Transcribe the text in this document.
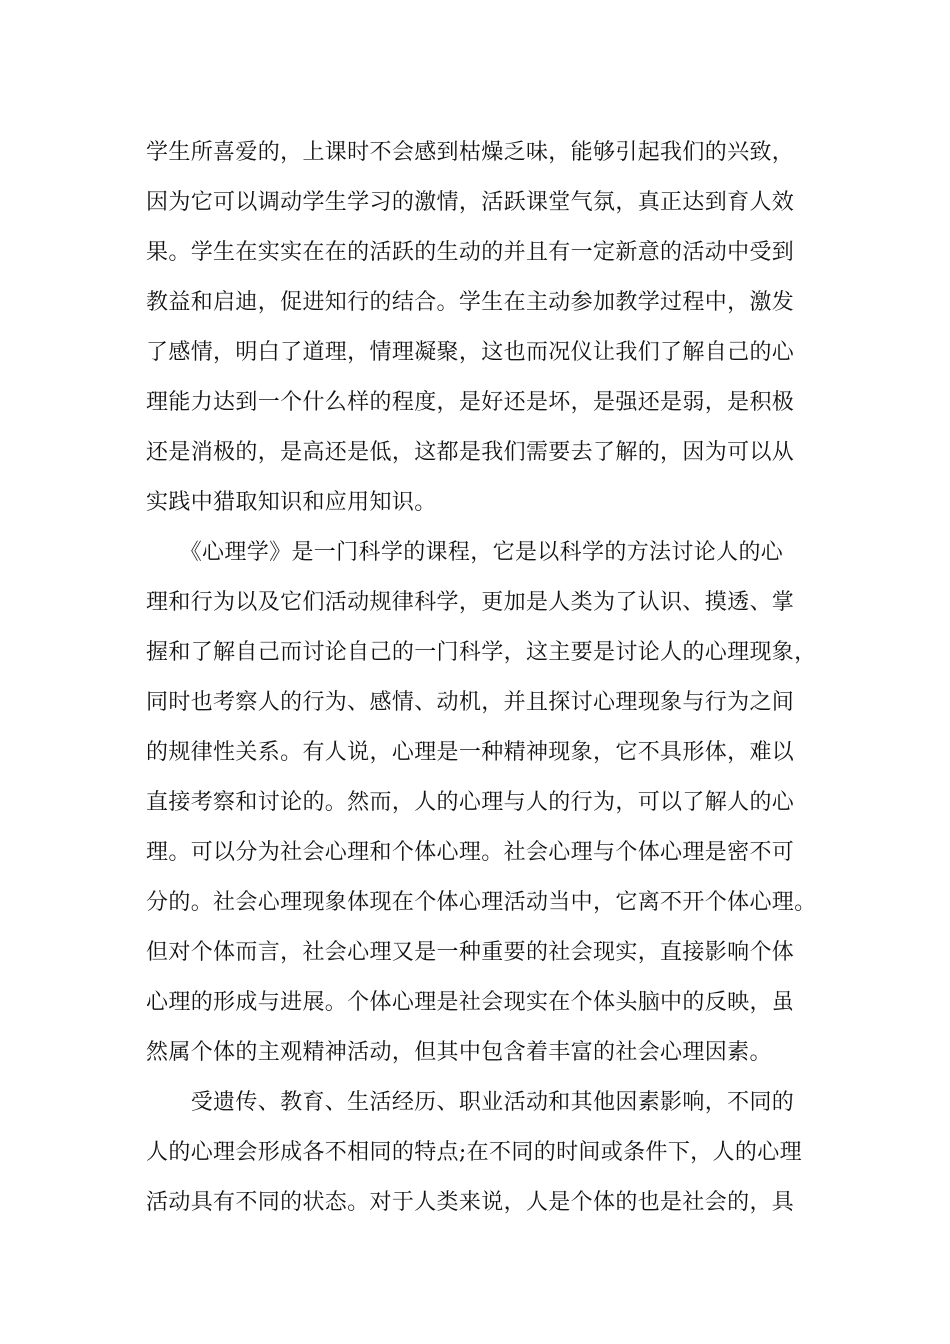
学生所喜爱的，上课时不会感到枯燥乏味，能够引起我们的兴致，
因为它可以调动学生学习的激情，活跃课堂气氛，真正达到育人效
果。学生在实实在在的活跃的生动的并且有一定新意的活动中受到
教益和启迪，促进知行的结合。学生在主动参加教学过程中，激发
了感情，明白了道理，情理凝聚，这也而况仪让我们了解自己的心
理能力达到一个什么样的程度，是好还是坏，是强还是弱，是积极
还是消极的，是高还是低，这都是我们需要去了解的，因为可以从
实践中猎取知识和应用知识。
　　《心理学》是一门科学的课程，它是以科学的方法讨论人的心
理和行为以及它们活动规律科学，更加是人类为了认识、摸透、掌
握和了解自己而讨论自己的一门科学，这主要是讨论人的心理现象，
同时也考察人的行为、感情、动机，并且探讨心理现象与行为之间
的规律性关系。有人说，心理是一种精神现象，它不具形体，难以
直接考察和讨论的。然而，人的心理与人的行为，可以了解人的心
理。可以分为社会心理和个体心理。社会心理与个体心理是密不可
分的。社会心理现象体现在个体心理活动当中，它离不开个体心理。
但对个体而言，社会心理又是一种重要的社会现实，直接影响个体
心理的形成与进展。个体心理是社会现实在个体头脑中的反映，虽
然属个体的主观精神活动，但其中包含着丰富的社会心理因素。
　　受遗传、教育、生活经历、职业活动和其他因素影响，不同的
人的心理会形成各不相同的特点;在不同的时间或条件下，人的心理
活动具有不同的状态。对于人类来说，人是个体的也是社会的，具
